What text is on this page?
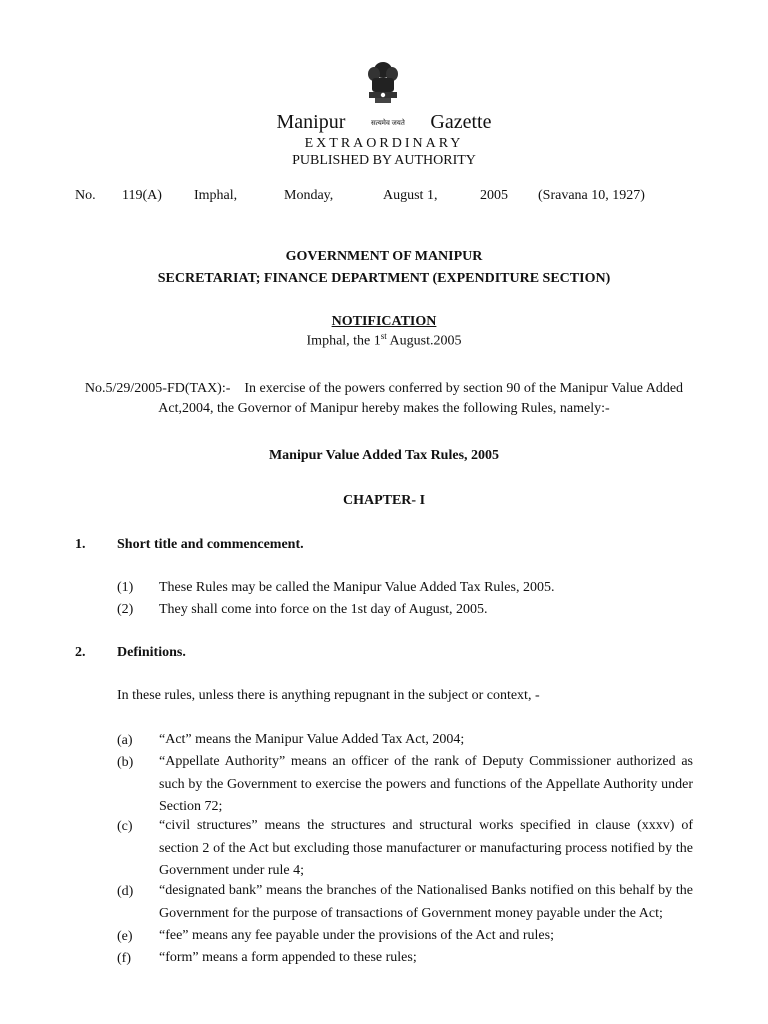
Manipur	सत्यमेव जयते Gazette
EXTRAORDINARY
PUBLISHED BY AUTHORITY
No. 119(A) Imphal,	Monday,	August 1,	2005 (Sravana 10, 1927)
GOVERNMENT OF MANIPUR
SECRETARIAT; FINANCE DEPARTMENT (EXPENDITURE SECTION)
NOTIFICATION
Imphal, the 1st August.2005
No.5/29/2005-FD(TAX):-    In exercise of the powers conferred by section 90 of the Manipur Value Added
Act,2004, the Governor of Manipur hereby makes the following Rules, namely:-
Manipur Value Added Tax Rules, 2005
CHAPTER- I
1. Short title and commencement.
(1) These Rules may be called the Manipur Value Added Tax Rules, 2005.
(2) They shall come into force on the 1st day of August, 2005.
2. Definitions.
In these rules, unless there is anything repugnant in the subject or context, -
(a) “Act” means the Manipur Value Added Tax Act, 2004;
(b) “Appellate Authority” means an officer of the rank of Deputy Commissioner authorized as such by the Government to exercise the powers and functions of the Appellate Authority under Section 72;
(c) “civil structures” means the structures and structural works specified in clause (xxxv) of section 2 of the Act but excluding those manufacturer or manufacturing process notified by the Government under rule 4;
(d) “designated bank” means the branches of the Nationalised Banks notified on this behalf by the Government for the purpose of transactions of Government money payable under the Act;
(e) “fee” means any fee payable under the provisions of the Act and rules;
(f) “form” means a form appended to these rules;
